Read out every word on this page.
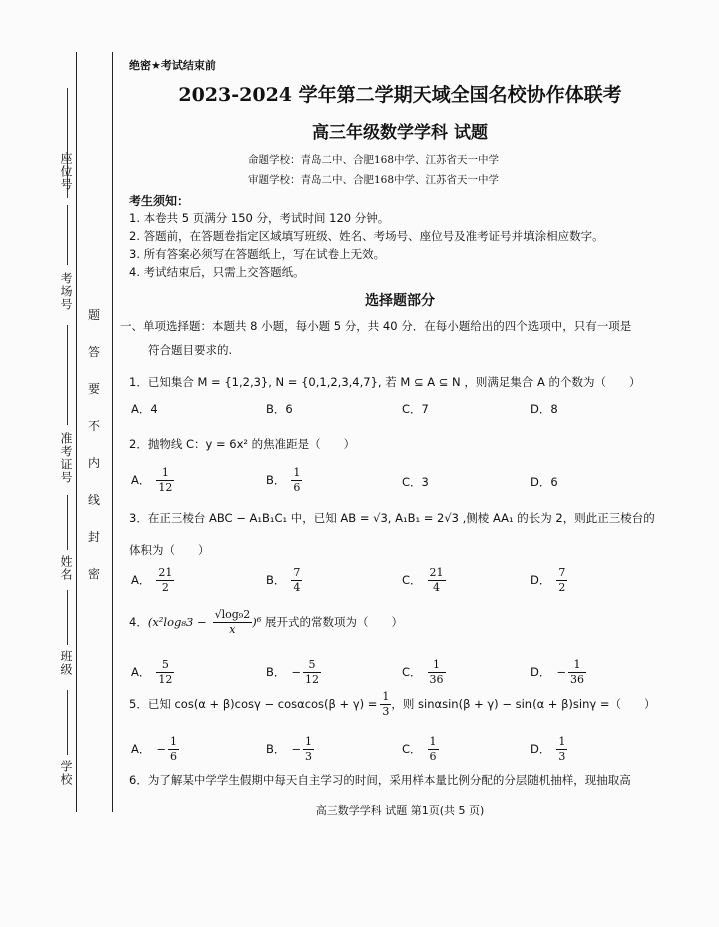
座位号
考场号
准考证号
姓名
班级
学校
题
答
要
不
内
线
封
密
绝密★考试结束前
2023-2024 学年第二学期天域全国名校协作体联考
高三年级数学学科 试题
命题学校：青岛二中、合肥168中学、江苏省天一中学
审题学校：青岛二中、合肥168中学、江苏省天一中学
考生须知：
1. 本卷共 5 页满分 150 分，考试时间 120 分钟。
2. 答题前，在答题卷指定区域填写班级、姓名、考场号、座位号及准考证号并填涂相应数字。
3. 所有答案必须写在答题纸上，写在试卷上无效。
4. 考试结束后，只需上交答题纸。
选择题部分
一、单项选择题：本题共 8 小题，每小题 5 分，共 40 分．在每小题给出的四个选项中，只有一项是
符合题目要求的.
1．已知集合 M = {1,2,3}, N = {0,1,2,3,4,7}, 若 M ⊆ A ⊆ N ，则满足集合 A 的个数为（　　）
A．4	B．6	C．7	D．8
2．抛物线 C：y = 6x² 的焦准距是（　　）
A． $\frac{1}{12}$	B． $\frac{1}{6}$	C．3	D．6
3．在正三棱台 ABC − A₁B₁C₁ 中，已知 AB = √3, A₁B₁ = 2√3 ,侧棱 AA₁ 的长为 2，则此正三棱台的
体积为（　　）
A． $\frac{21}{2}$	B． $\frac{7}{4}$	C． $\frac{21}{4}$	D． $\frac{7}{2}$
4．$(x^2\log_83 - \frac{\text{√log₉2}}{x} )^6$ 展开式的常数项为（　　）
A． $\frac{5}{12}$	B． − $\frac{5}{12}$	C． $\frac{1}{36}$	D． − $\frac{1}{36}$
5．已知 $\cos(\alpha + \beta)\cos\gamma - \cos\alpha\cos(\beta + \gamma) = \frac{1}{3}$ ，则 sinαsin(β + γ) − sin(α + β)sinγ =（　　）
A． − $\frac{1}{6}$	B． − $\frac{1}{3}$	C． $\frac{1}{6}$	D． $\frac{1}{3}$
6．为了解某中学学生假期中每天自主学习的时间，采用样本量比例分配的分层随机抽样，现抽取高
高三数学学科 试题 第1页(共 5 页)
